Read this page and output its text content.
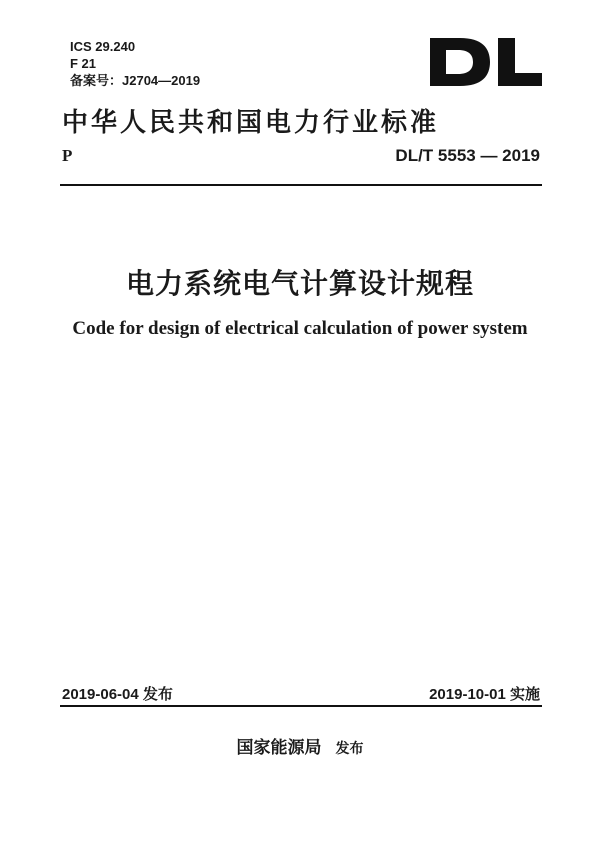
ICS 29.240
F 21
备案号：J2704—2019
中华人民共和国电力行业标准
P	DL/T 5553 — 2019
电力系统电气计算设计规程
Code for design of electrical calculation of power system
2019-06-04 发布	2019-10-01 实施
国家能源局 发布
